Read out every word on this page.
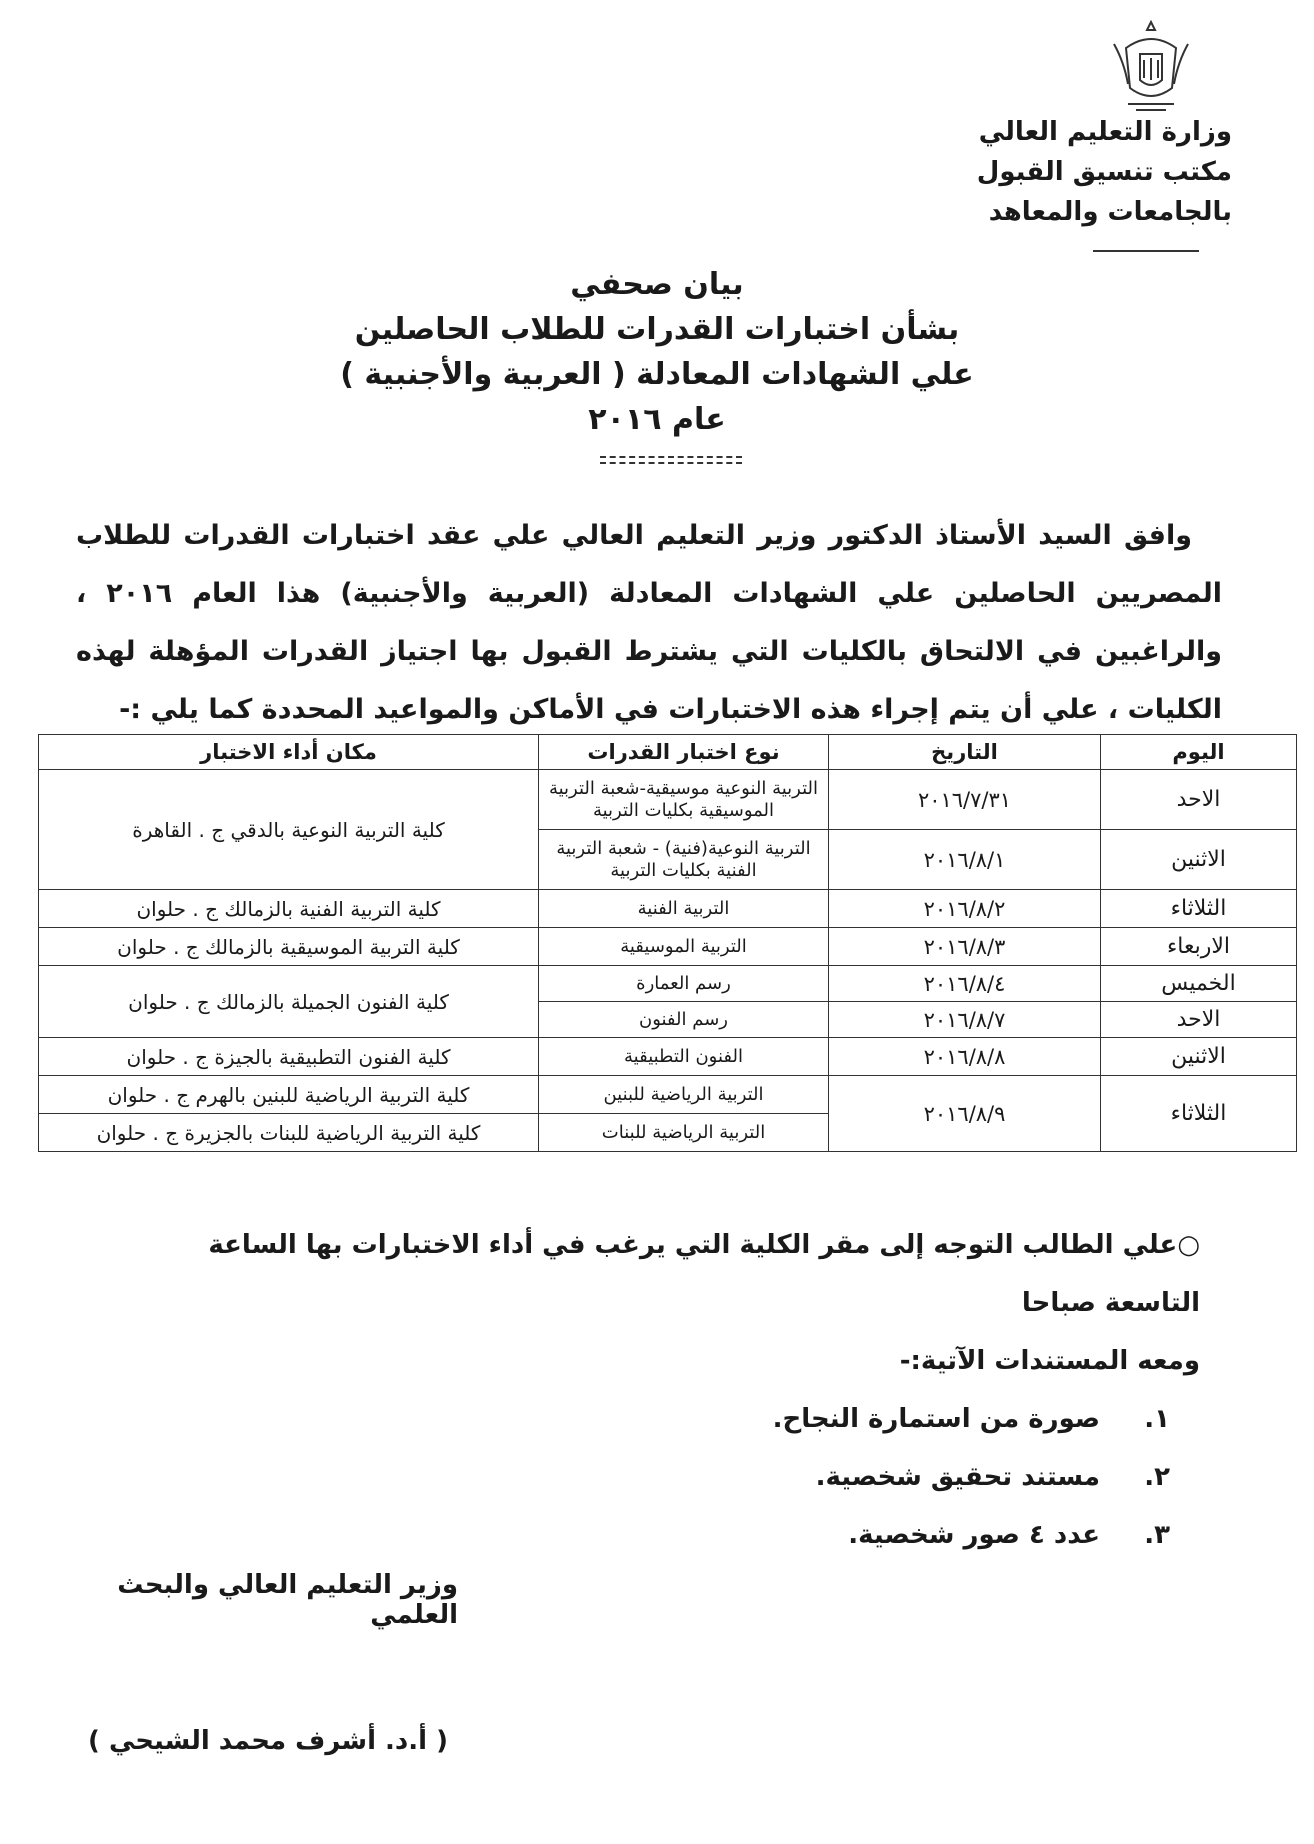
وزارة التعليم العالي
مكتب تنسيق القبول
بالجامعات والمعاهد
بيان صحفي
بشأن اختبارات القدرات للطلاب الحاصلين
علي الشهادات المعادلة ( العربية والأجنبية )
عام ٢٠١٦

وافق السيد الأستاذ الدكتور وزير التعليم العالي علي عقد اختبارات القدرات للطلاب المصريين الحاصلين علي الشهادات المعادلة (العربية والأجنبية) هذا العام ٢٠١٦ ، والراغبين في الالتحاق بالكليات التي يشترط القبول بها اجتياز القدرات المؤهلة لهذه الكليات ، علي أن يتم إجراء هذه الاختبارات في الأماكن والمواعيد المحددة كما يلي :-

اليوم	التاريخ	نوع اختبار القدرات	مكان أداء الاختبار
الاحد	٢٠١٦/٧/٣١	التربية النوعية موسيقية-شعبة التربية الموسيقية بكليات التربية	كلية التربية النوعية بالدقي ج . القاهرة
الاثنين	٢٠١٦/٨/١	التربية النوعية(فنية) - شعبة التربية الفنية بكليات التربية	
الثلاثاء	٢٠١٦/٨/٢	التربية الفنية	كلية التربية الفنية بالزمالك ج . حلوان
الاربعاء	٢٠١٦/٨/٣	التربية الموسيقية	كلية التربية الموسيقية بالزمالك ج . حلوان
الخميس	٢٠١٦/٨/٤	رسم العمارة	كلية الفنون الجميلة بالزمالك ج . حلوان
الاحد	٢٠١٦/٨/٧	رسم الفنون	
الاثنين	٢٠١٦/٨/٨	الفنون التطبيقية	كلية الفنون التطبيقية بالجيزة ج . حلوان
الثلاثاء	٢٠١٦/٨/٩	التربية الرياضية للبنين	كلية التربية الرياضية للبنين بالهرم ج . حلوان
		التربية الرياضية للبنات	كلية التربية الرياضية للبنات بالجزيرة ج . حلوان
○علي الطالب التوجه إلى مقر الكلية التي يرغب في أداء الاختبارات بها الساعة التاسعة صباحا
ومعه المستندات الآتية:-
١.صورة من استمارة النجاح.
٢.مستند تحقيق شخصية.
٣.عدد ٤ صور شخصية.
وزير التعليم العالي والبحث العلمي
( أ.د. أشرف محمد الشيحي )
